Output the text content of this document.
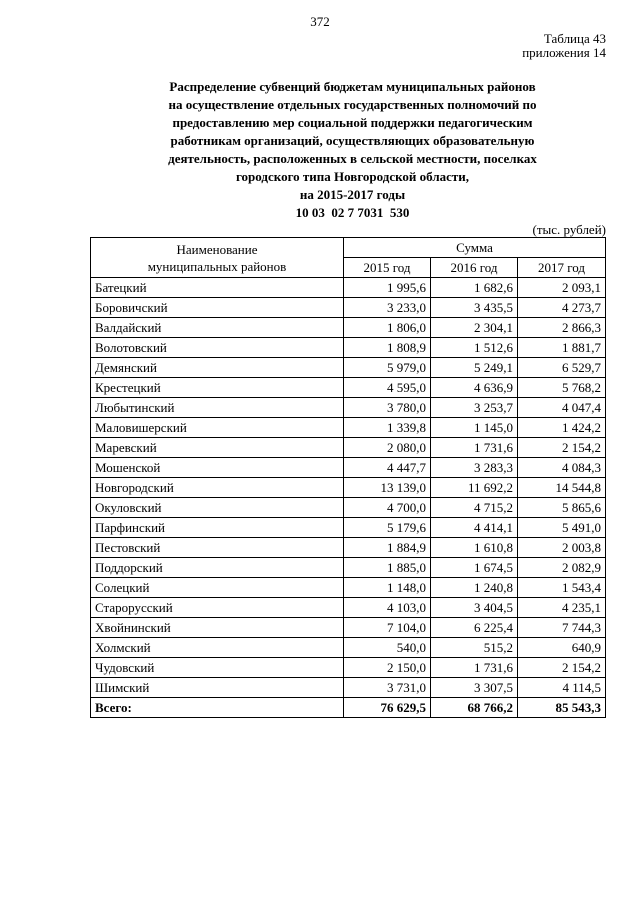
372
Таблица 43
приложения 14
Распределение субвенций бюджетам муниципальных районов
на осуществление отдельных государственных полномочий по
предоставлению мер социальной поддержки педагогическим
работникам организаций, осуществляющих образовательную
деятельность, расположенных в сельской местности, поселках
городского типа Новгородской области,
на 2015-2017 годы
10 03  02 7 7031  530
(тыс. рублей)
Наименование
муниципальных районов	Сумма		
	2015 год	2016 год	2017 год
Батецкий	1 995,6	1 682,6	2 093,1
Боровичский	3 233,0	3 435,5	4 273,7
Валдайский	1 806,0	2 304,1	2 866,3
Волотовский	1 808,9	1 512,6	1 881,7
Демянский	5 979,0	5 249,1	6 529,7
Крестецкий	4 595,0	4 636,9	5 768,2
Любытинский	3 780,0	3 253,7	4 047,4
Маловишерский	1 339,8	1 145,0	1 424,2
Маревский	2 080,0	1 731,6	2 154,2
Мошенской	4 447,7	3 283,3	4 084,3
Новгородский	13 139,0	11 692,2	14 544,8
Окуловский	4 700,0	4 715,2	5 865,6
Парфинский	5 179,6	4 414,1	5 491,0
Пестовский	1 884,9	1 610,8	2 003,8
Поддорский	1 885,0	1 674,5	2 082,9
Солецкий	1 148,0	1 240,8	1 543,4
Старорусский	4 103,0	3 404,5	4 235,1
Хвойнинский	7 104,0	6 225,4	7 744,3
Холмский	540,0	515,2	640,9
Чудовский	2 150,0	1 731,6	2 154,2
Шимский	3 731,0	3 307,5	4 114,5
Всего:	76 629,5	68 766,2	85 543,3
